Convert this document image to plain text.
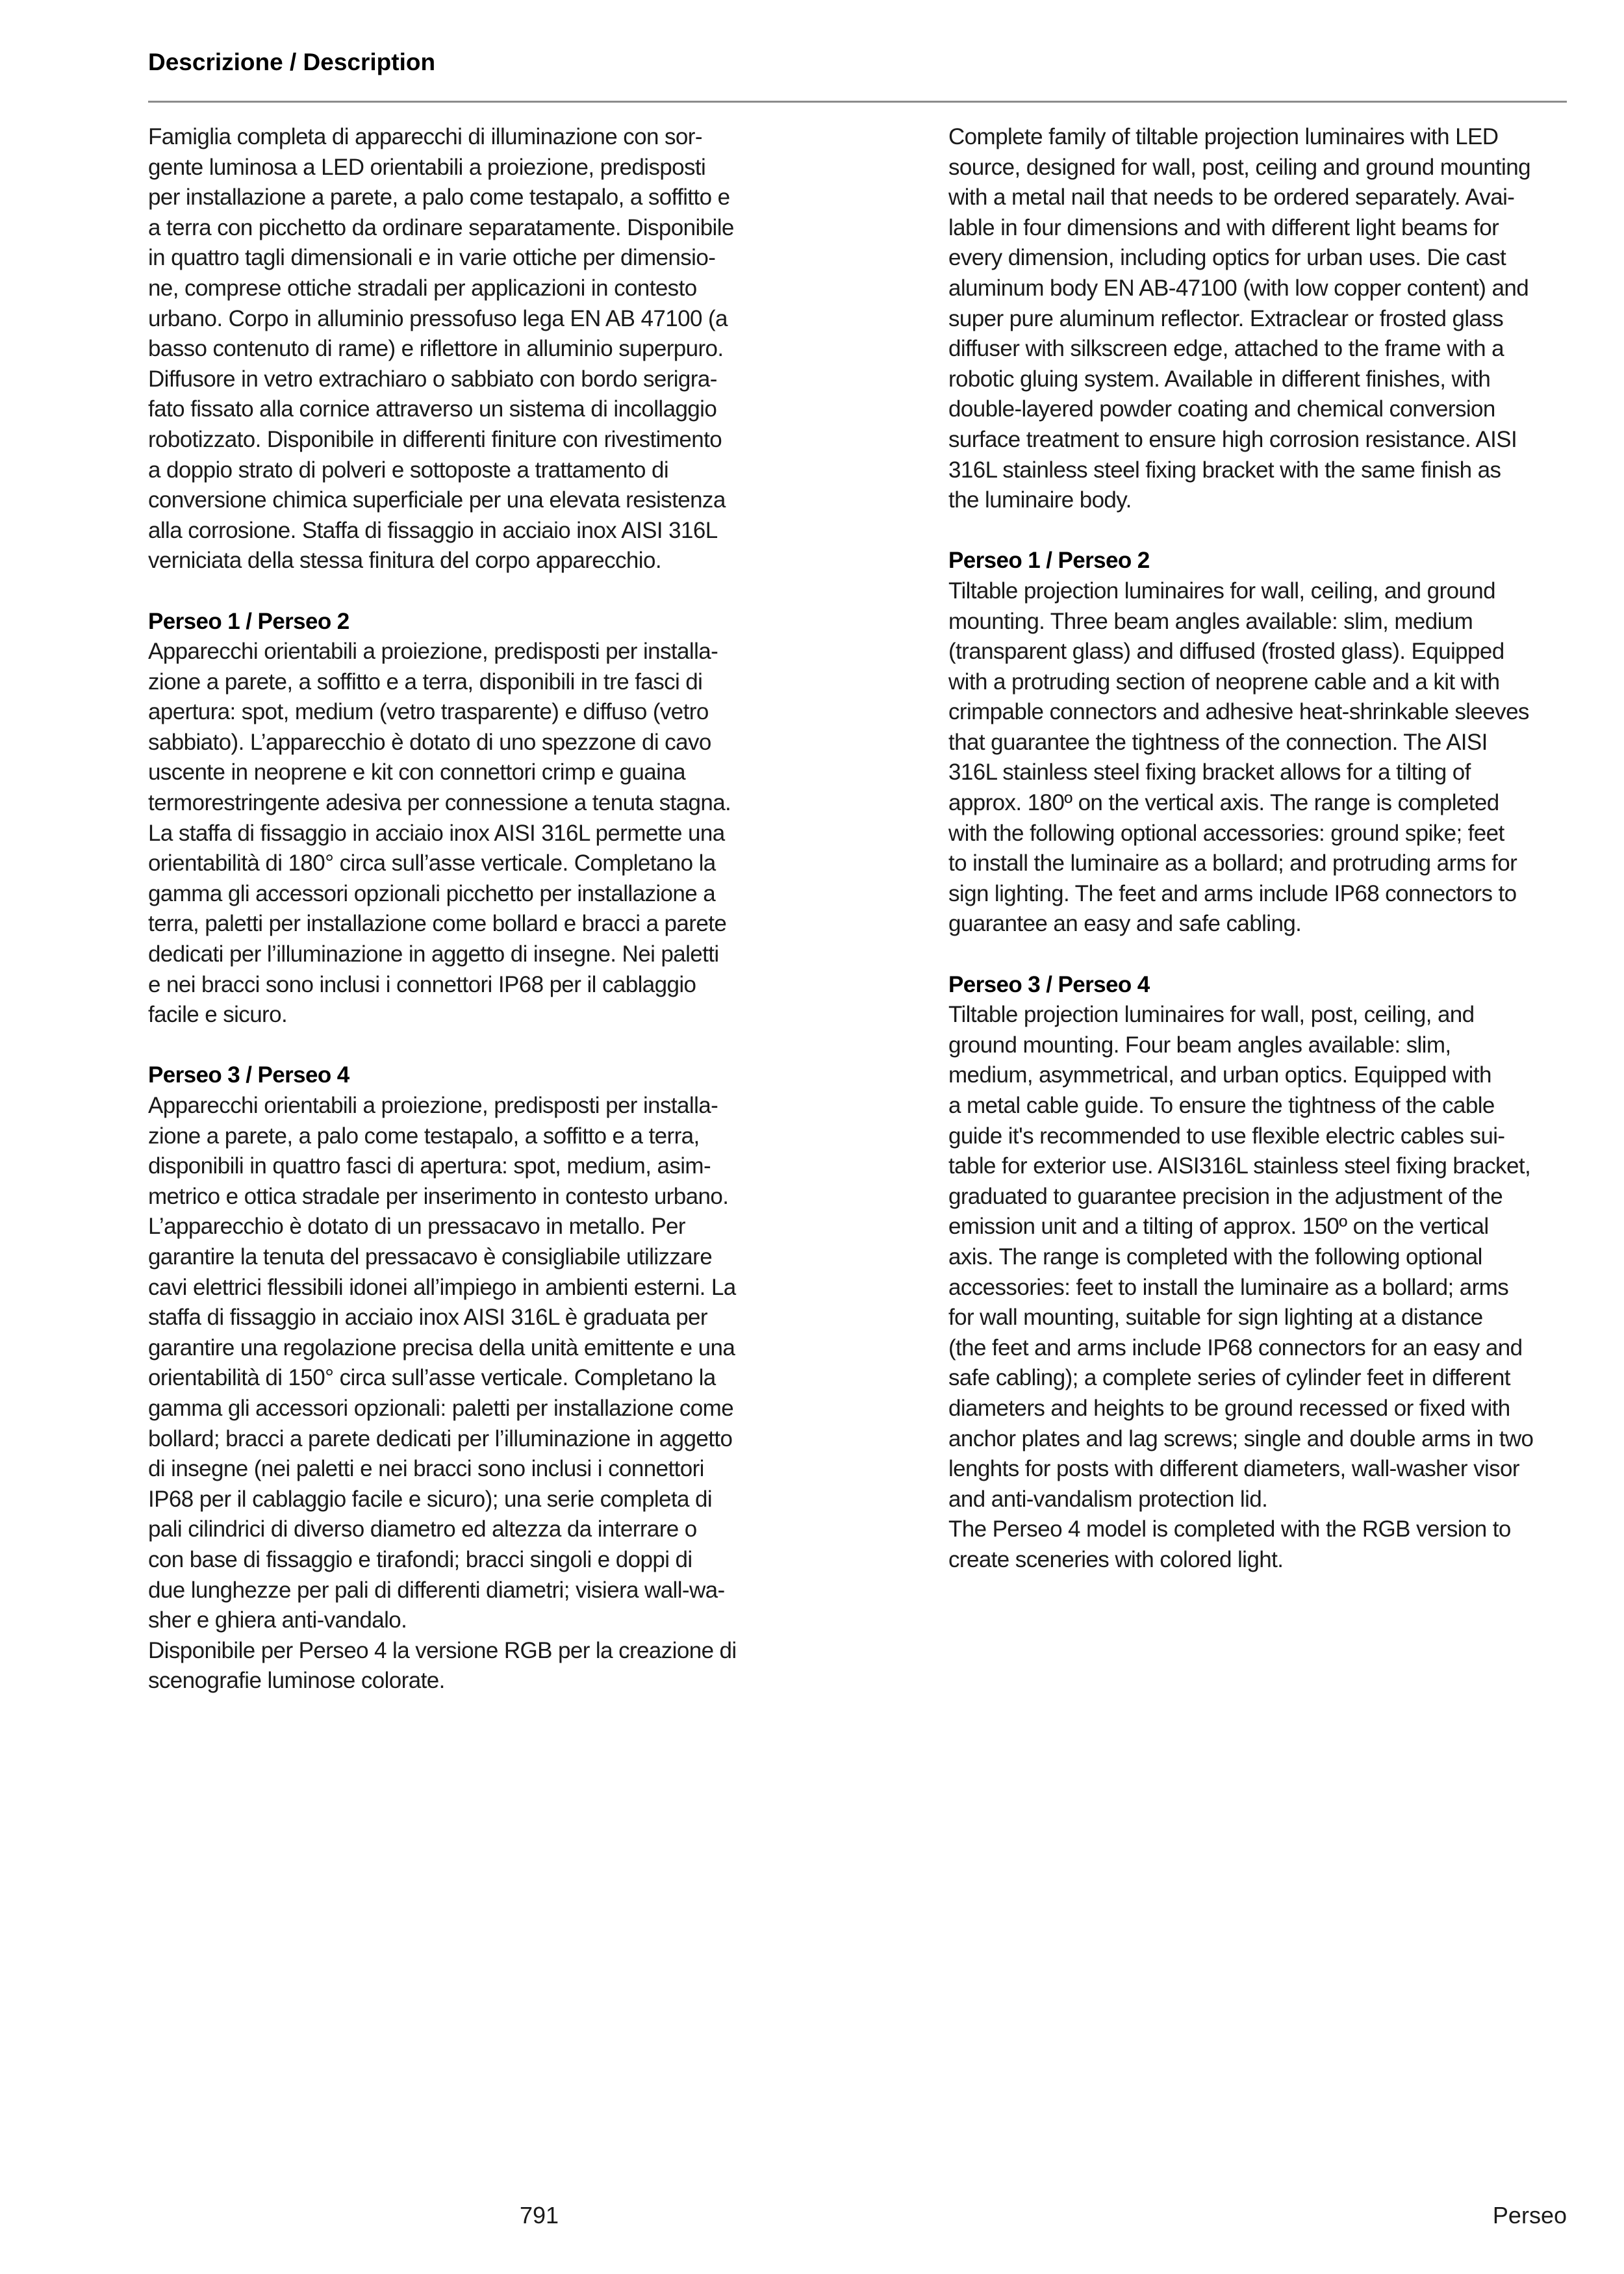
Descrizione / Description
Famiglia completa di apparecchi di illuminazione con sor-
gente luminosa a LED orientabili a proiezione, predisposti
per installazione a parete, a palo come testapalo, a soffitto e
a terra con picchetto da ordinare separatamente. Disponibile
in quattro tagli dimensionali e in varie ottiche per dimensio-
ne, comprese ottiche stradali per applicazioni in contesto
urbano. Corpo in alluminio pressofuso lega EN AB 47100 (a
basso contenuto di rame) e riflettore in alluminio superpuro.
Diffusore in vetro extrachiaro o sabbiato con bordo serigra-
fato fissato alla cornice attraverso un sistema di incollaggio
robotizzato. Disponibile in differenti finiture con rivestimento
a doppio strato di polveri e sottoposte a trattamento di
conversione chimica superficiale per una elevata resistenza
alla corrosione. Staffa di fissaggio in acciaio inox AISI 316L
verniciata della stessa finitura del corpo apparecchio.
Perseo 1 / Perseo 2
Apparecchi orientabili a proiezione, predisposti per installa-
zione a parete, a soffitto e a terra, disponibili in tre fasci di
apertura: spot, medium (vetro trasparente) e diffuso (vetro
sabbiato). L’apparecchio è dotato di uno spezzone di cavo
uscente in neoprene e kit con connettori crimp e guaina
termorestringente adesiva per connessione a tenuta stagna.
La staffa di fissaggio in acciaio inox AISI 316L permette una
orientabilità di 180° circa sull’asse verticale. Completano la
gamma gli accessori opzionali picchetto per installazione a
terra, paletti per installazione come bollard e bracci a parete
dedicati per l’illuminazione in aggetto di insegne. Nei paletti
e nei bracci sono inclusi i connettori IP68 per il cablaggio
facile e sicuro.
Perseo 3 / Perseo 4
Apparecchi orientabili a proiezione, predisposti per installa-
zione a parete, a palo come testapalo, a soffitto e a terra,
disponibili in quattro fasci di apertura: spot, medium, asim-
metrico e ottica stradale per inserimento in contesto urbano.
L’apparecchio è dotato di un pressacavo in metallo. Per
garantire la tenuta del pressacavo è consigliabile utilizzare
cavi elettrici flessibili idonei all’impiego in ambienti esterni. La
staffa di fissaggio in acciaio inox AISI 316L è graduata per
garantire una regolazione precisa della unità emittente e una
orientabilità di 150° circa sull’asse verticale. Completano la
gamma gli accessori opzionali: paletti per installazione come
bollard; bracci a parete dedicati per l’illuminazione in aggetto
di insegne (nei paletti e nei bracci sono inclusi i connettori
IP68 per il cablaggio facile e sicuro); una serie completa di
pali cilindrici di diverso diametro ed altezza da interrare o
con base di fissaggio e tirafondi; bracci singoli e doppi di
due lunghezze per pali di differenti diametri; visiera wall-wa-
sher e ghiera anti-vandalo.
Disponibile per Perseo 4 la versione RGB per la creazione di
scenografie luminose colorate.
Complete family of tiltable projection luminaires with LED
source, designed for wall, post, ceiling and ground mounting
with a metal nail that needs to be ordered separately. Avai-
lable in four dimensions and with different light beams for
every dimension, including optics for urban uses. Die cast
aluminum body EN AB-47100 (with low copper content) and
super pure aluminum reflector. Extraclear or frosted glass
diffuser with silkscreen edge, attached to the frame with a
robotic gluing system. Available in different finishes, with
double-layered powder coating and chemical conversion
surface treatment to ensure high corrosion resistance. AISI
316L stainless steel fixing bracket with the same finish as
the luminaire body.
Perseo 1 / Perseo 2
Tiltable projection luminaires for wall, ceiling, and ground
mounting. Three beam angles available: slim, medium
(transparent glass) and diffused (frosted glass). Equipped
with a protruding section of neoprene cable and a kit with
crimpable connectors and adhesive heat-shrinkable sleeves
that guarantee the tightness of the connection. The AISI
316L stainless steel fixing bracket allows for a tilting of
approx. 180º on the vertical axis. The range is completed
with the following optional accessories: ground spike; feet
to install the luminaire as a bollard; and protruding arms for
sign lighting. The feet and arms include IP68 connectors to
guarantee an easy and safe cabling.
Perseo 3 / Perseo 4
Tiltable projection luminaires for wall, post, ceiling, and
ground mounting. Four beam angles available: slim,
medium, asymmetrical, and urban optics. Equipped with
a metal cable guide. To ensure the tightness of the cable
guide it's recommended to use flexible electric cables sui-
table for exterior use. AISI316L stainless steel fixing bracket,
graduated to guarantee precision in the adjustment of the
emission unit and a tilting of approx. 150º on the vertical
axis. The range is completed with the following optional
accessories: feet to install the luminaire as a bollard; arms
for wall mounting, suitable for sign lighting at a distance
(the feet and arms include IP68 connectors for an easy and
safe cabling); a complete series of cylinder feet in different
diameters and heights to be ground recessed or fixed with
anchor plates and lag screws; single and double arms in two
lenghts for posts with different diameters, wall-washer visor
and anti-vandalism protection lid.
The Perseo 4 model is completed with the RGB version to
create sceneries with colored light.
791	Perseo
